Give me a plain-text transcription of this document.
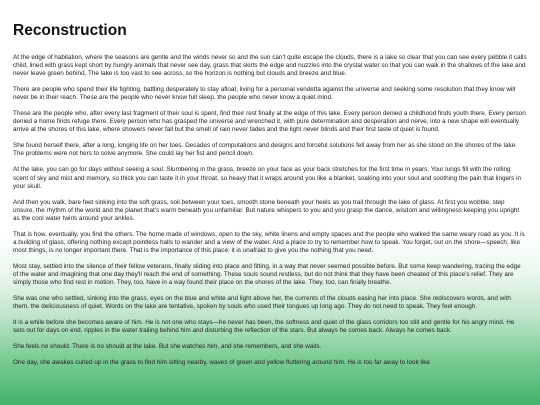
Reconstruction

At the edge of habitation, where the seasons are gentle and the winds never so and the sun can't quite escape the clouds, there is a lake so clear that you can see every pebble it calls child, lined with grass kept short by hungry animals that never see day, grass that skirts the edge and nuzzles into the crystal water so that you can walk in the shallows of the lake and never leave green behind. The lake is too vast to see across, so the horizon is nothing but clouds and breeze and blue.

There are people who spend their life fighting, battling desperately to stay afloat, living for a personal vendetta against the universe and seeking some resolution that they know will never be in their reach. These are the people who never know full sleep, the people who never know a quiet mind.

These are the people who, after every last fragment of their soul is spent, find their rest finally at the edge of this lake. Every person denied a childhood finds youth there. Every person denied a home finds refuge there. Every person who has grasped the universe and wrenched it, with pure determination and desperation and nerve, into a new shape will eventually arrive at the shores of this lake, where showers never fall but the smell of rain never fades and the light never blinds and their first taste of quiet is found.

She found herself there, after a long, longing life on her toes. Decades of computations and designs and forceful solutions fell away from her as she stood on the shores of the lake. The problems were not hers to solve anymore. She could lay her fist and pencil down.

At the lake, you can go for days without seeing a soul. Slumbering in the grass, breeze on your face as your back stretches for the first time in years. Your lungs fill with the rolling scent of sky and mist and memory, so thick you can taste it in your throat, so heavy that it wraps around you like a blanket, soaking into your soul and soothing the pain that lingers in your skull.

And then you walk, bare feet sinking into the soft grass, soil between your toes, smooth stone beneath your heels as you trail through the lake of glass. At first you wobble, step unsure, the rhythm of the world and the planet that's warm beneath you unfamiliar. But nature whispers to you and you grasp the dance, wisdom and willingness keeping you upright as the cool water twirls around your ankles.

That is how, eventually, you find the others. The home made of windows, open to the sky, white linens and empty spaces and the people who walked the same weary road as you. It is a building of glass, offering nothing except pointless halls to wander and a view of the water. And a place to try to remember how to speak. You forget, out on the shore—speech, like most things, is no longer important there. That is the importance of this place: it is unafraid to give you the nothing that you need.

Most stay, settled into the silence of their fellow veterans, finally sliding into place and fitting, in a way that never seemed possible before. But some keep wandering, tracing the edge of the water and imagining that one day they'll reach the end of something. These souls sound restless, but do not think that they have been cheated of this place's relief. They are simply those who find rest in motion. They, too, have in a way found their place on the shores of the lake. They, too, can finally breathe.

She was one who settled, sinking into the grass, eyes on the blue and white and light above her, the currents of the clouds easing her into place. She rediscovers words, and with them, the deliciousness of quiet. Words on the lake are tentative, spoken by souls who used their tongues up long ago. They do not need to speak. They feel enough.

It is a while before she becomes aware of him. He is not one who stays—he never has been, the softness and quiet of the glass corridors too still and gentle for his angry mind. He sets out for days on end, ripples in the water trailing behind him and disturbing the reflection of the stars. But always he comes back. Always he comes back.

She feels no should. There is no should at the lake. But she watches him, and she remembers, and she waits.

One day, she awakes curled up in the grass to find him sitting nearby, waves of green and yellow fluttering around him. He is too far away to look like
